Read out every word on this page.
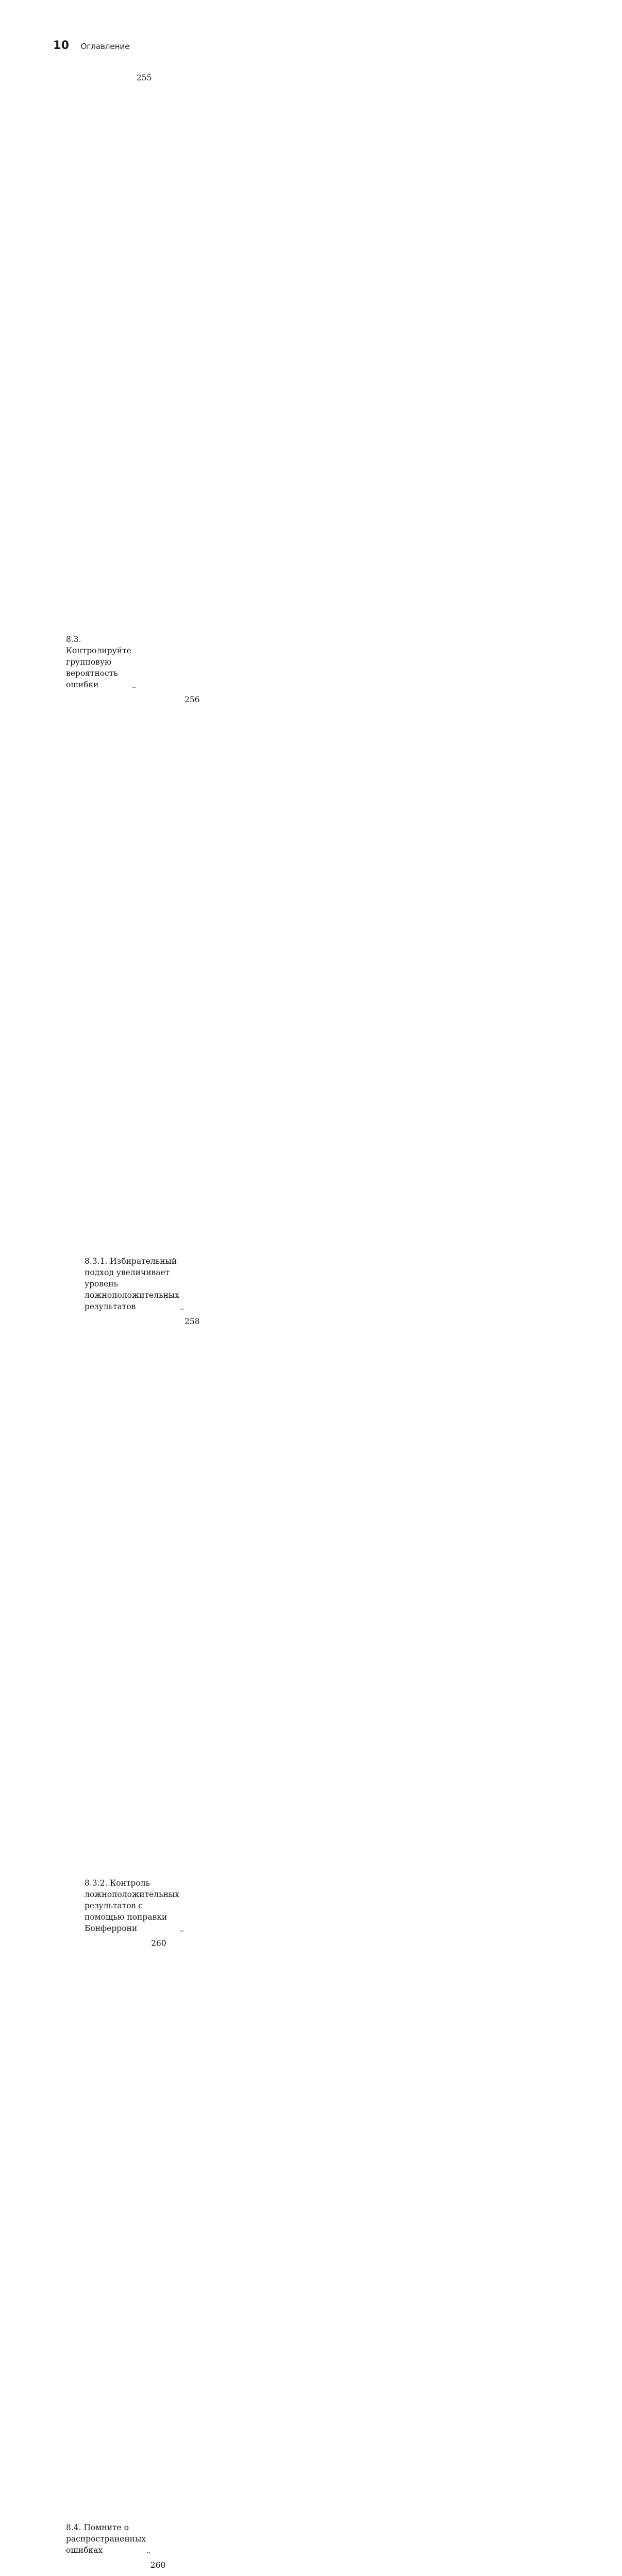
10 Оглавление
8.3. Контролируйте групповую вероятность ошибки
255
8.3.1. Избирательный подход увеличивает уровень ложноположительных результатов
256
8.3.2. Контроль ложноположительных результатов с помощью поправки Бонферрони
258
8.4. Помните о распространенных ошибках
260
260
